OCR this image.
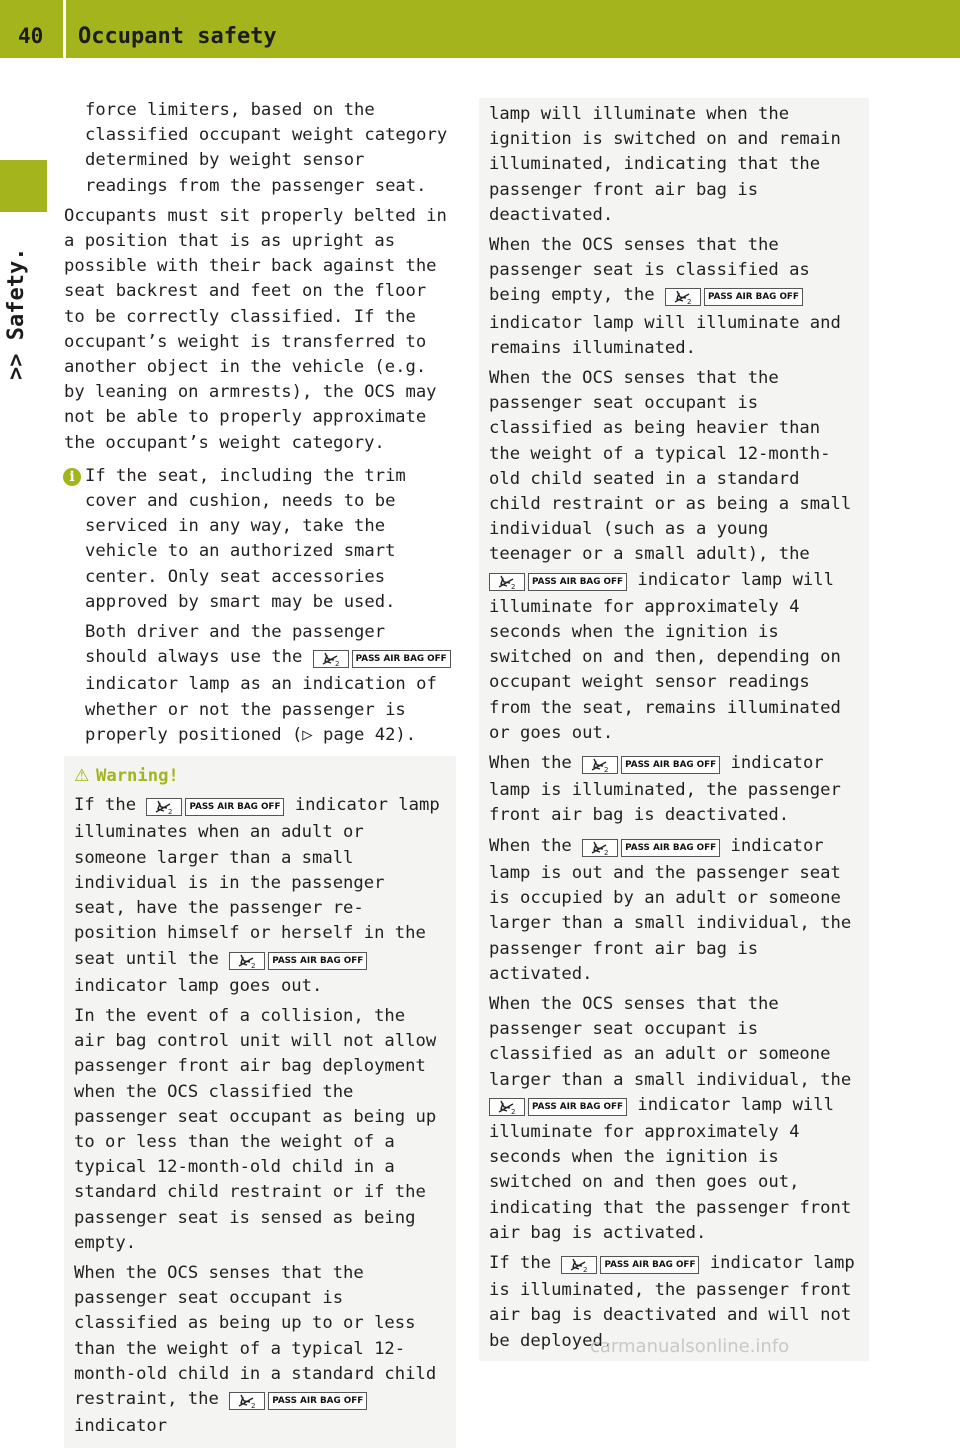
40 Occupant safety
>> Safety.

force limiters, based on the classified occupant weight category determined by weight sensor readings from the passenger seat.

Occupants must sit properly belted in a position that is as upright as possible with their back against the seat backrest and feet on the floor to be correctly classified. If the occupant’s weight is transferred to another object in the vehicle (e.g. by leaning on armrests), the OCS may not be able to properly approximate the occupant’s weight category.

i If the seat, including the trim cover and cushion, needs to be serviced in any way, take the vehicle to an authorized smart center. Only seat accessories approved by smart may be used.

Both driver and the passenger should always use the	2 PASS AIR BAG OFF indicator lamp as an indication of whether or not the passenger is properly positioned (▷ page 42).

⚠ Warning!

If the	2 PASS AIR BAG OFF indicator lamp illuminates when an adult or someone larger than a small individual is in the passenger seat, have the passenger re-position himself or herself in the seat until the	2 PASS AIR BAG OFF indicator lamp goes out.

In the event of a collision, the air bag control unit will not allow passenger front air bag deployment when the OCS classified the passenger seat occupant as being up to or less than the weight of a typical 12-month-old child in a standard child restraint or if the passenger seat is sensed as being empty.

When the OCS senses that the passenger seat occupant is classified as being up to or less than the weight of a typical 12-month-old child in a standard child restraint, the	2 PASS AIR BAG OFF indicator

lamp will illuminate when the ignition is switched on and remain illuminated, indicating that the passenger front air bag is deactivated.

When the OCS senses that the passenger seat is classified as being empty, the	2 PASS AIR BAG OFF indicator lamp will illuminate and remains illuminated.

When the OCS senses that the passenger seat occupant is classified as being heavier than the weight of a typical 12-month-old child seated in a standard child restraint or as being a small individual (such as a young teenager or a small adult), the
2 PASS AIR BAG OFF indicator lamp will illuminate for approximately 4 seconds when the ignition is switched on and then, depending on occupant weight sensor readings from the seat, remains illuminated or goes out.

When the	2 PASS AIR BAG OFF indicator lamp is illuminated, the passenger front air bag is deactivated.

When the	2 PASS AIR BAG OFF indicator lamp is out and the passenger seat is occupied by an adult or someone larger than a small individual, the passenger front air bag is activated.

When the OCS senses that the passenger seat occupant is classified as an adult or someone larger than a small individual, the
2 PASS AIR BAG OFF indicator lamp will illuminate for approximately 4 seconds when the ignition is switched on and then goes out, indicating that the passenger front air bag is activated.

If the	2 PASS AIR BAG OFF indicator lamp is illuminated, the passenger front air bag is deactivated and will not be deployed.

carmanualsonline.info
